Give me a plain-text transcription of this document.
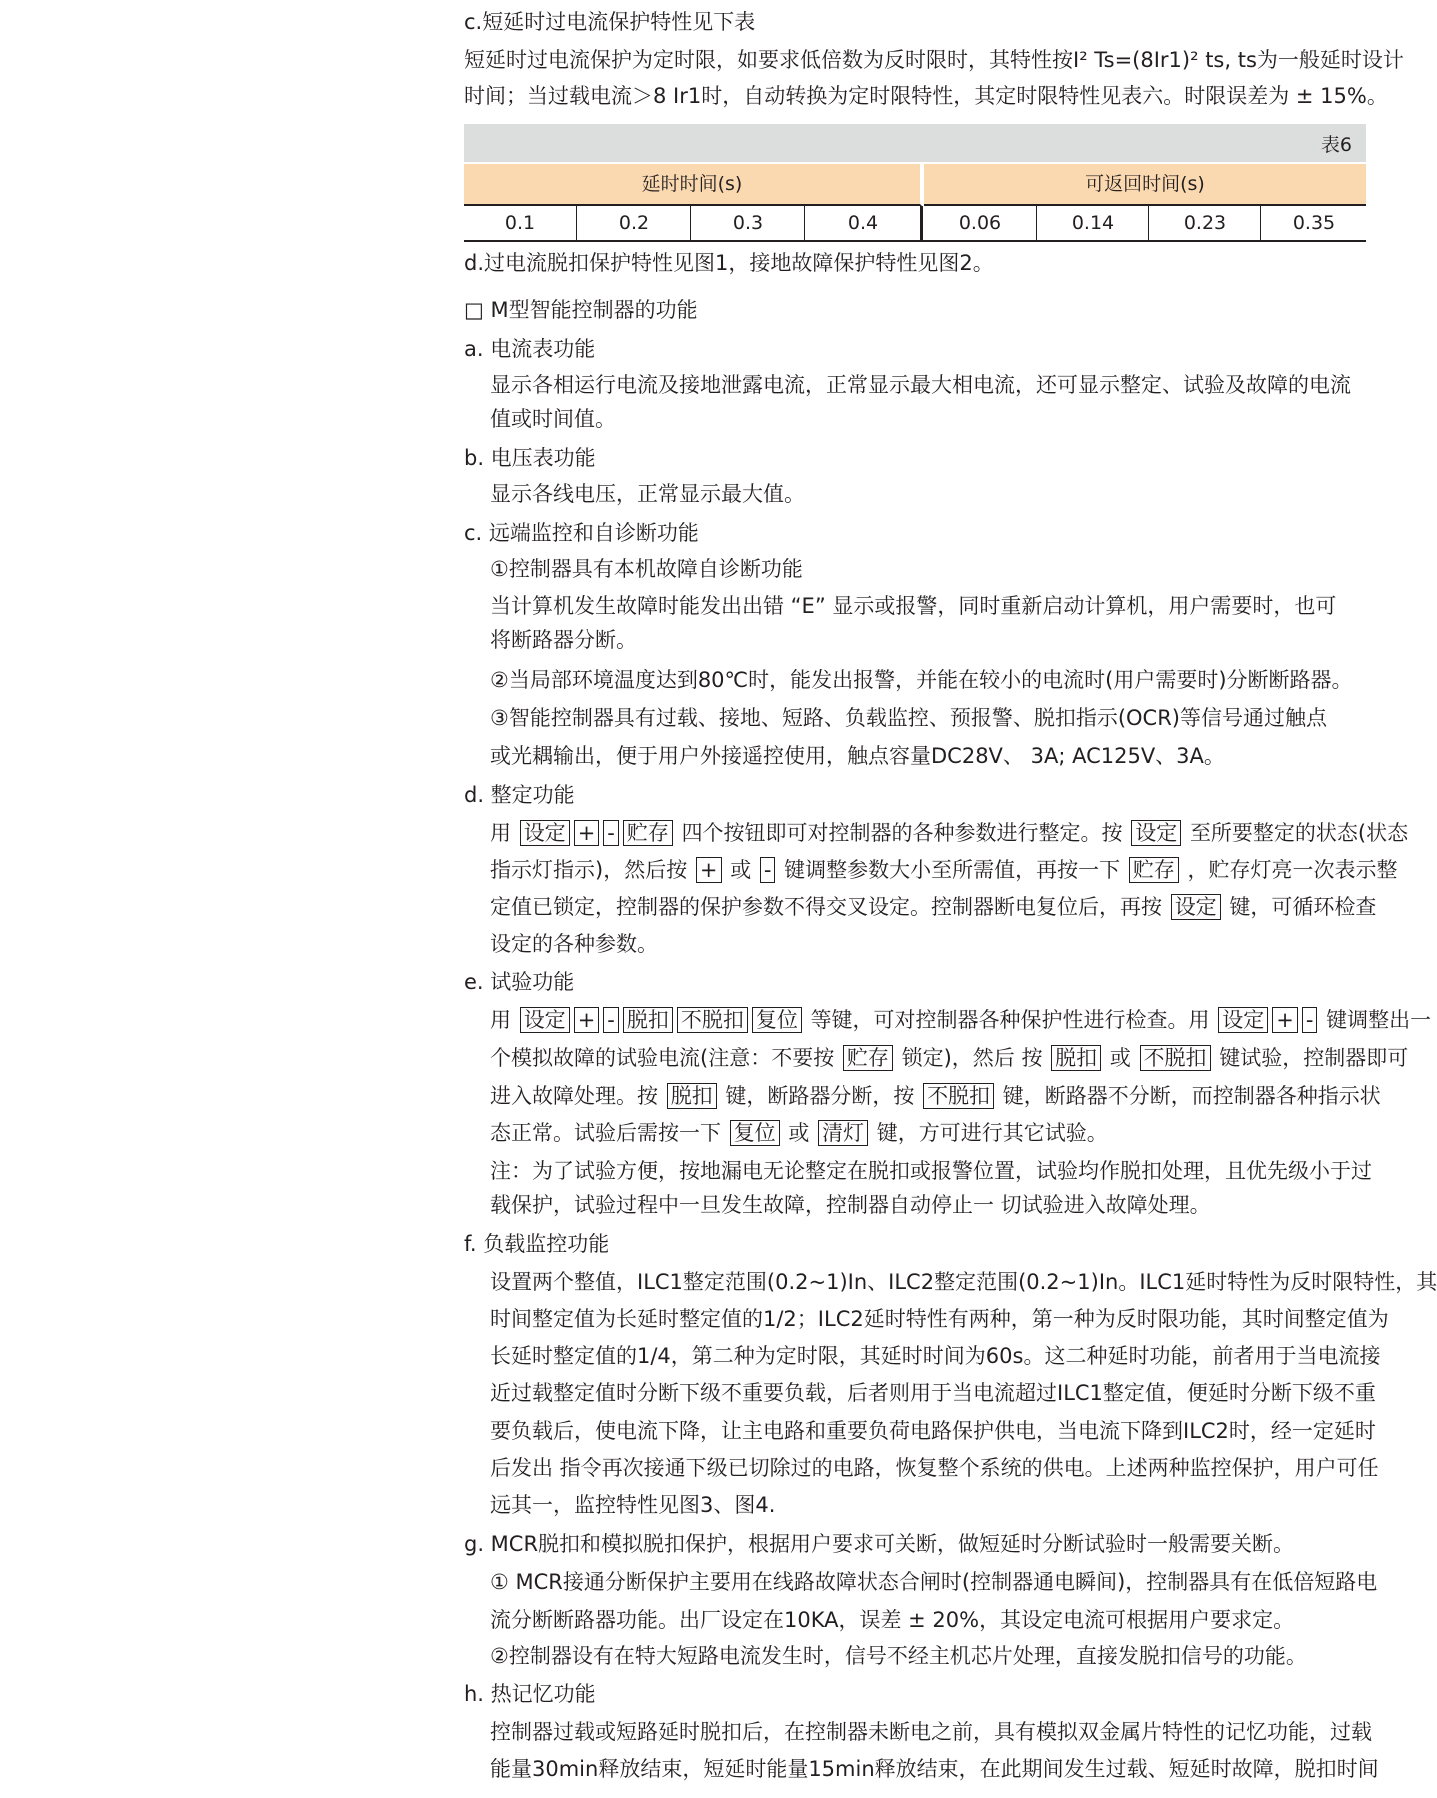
c.短延时过电流保护特性见下表

短延时过电流保护为定时限，如要求低倍数为反时限时，其特性按I² Ts=(8Ir1)² ts, ts为一般延时设计

时间；当过载电流＞8 Ir1时，自动转换为定时限特性，其定时限特性见表六。时限误差为 ± 15%。

表6
延时时间(s)	可返回时间(s)
0.1	0.2	0.3	0.4	0.06	0.14	0.23	0.35

d.过电流脱扣保护特性见图1，接地故障保护特性见图2。

□ M型智能控制器的功能

a. 电流表功能

显示各相运行电流及接地泄露电流，正常显示最大相电流，还可显示整定、试验及故障的电流

值或时间值。

b. 电压表功能

显示各线电压，正常显示最大值。

c. 远端监控和自诊断功能

①控制器具有本机故障自诊断功能

当计算机发生故障时能发出出错 “E” 显示或报警，同时重新启动计算机，用户需要时，也可

将断路器分断。

②当局部环境温度达到80℃时，能发出报警，并能在较小的电流时(用户需要时)分断断路器。

③智能控制器具有过载、接地、短路、负载监控、预报警、脱扣指示(OCR)等信号通过触点

或光耦输出，便于用户外接遥控使用，触点容量DC28V、 3A; AC125V、3A。

d. 整定功能

用 设定 + - 贮存 四个按钮即可对控制器的各种参数进行整定。按 设定 至所要整定的状态(状态

指示灯指示)，然后按 + 或 - 键调整参数大小至所需值，再按一下 贮存 ，贮存灯亮一次表示整

定值已锁定，控制器的保护参数不得交叉设定。控制器断电复位后，再按 设定 键，可循环检查

设定的各种参数。

e. 试验功能

用 设定 + - 脱扣 不脱扣 复位 等键，可对控制器各种保护性进行检查。用 设定 + - 键调整出一

个模拟故障的试验电流(注意：不要按 贮存 锁定)，然后 按 脱扣 或 不脱扣 键试验，控制器即可

进入故障处理。按 脱扣 键，断路器分断，按 不脱扣 键，断路器不分断，而控制器各种指示状

态正常。试验后需按一下 复位 或 清灯 键，方可进行其它试验。

注：为了试验方便，按地漏电无论整定在脱扣或报警位置，试验均作脱扣处理，且优先级小于过

载保护，试验过程中一旦发生故障，控制器自动停止一 切试验进入故障处理。

f. 负载监控功能

设置两个整值，ILC1整定范围(0.2~1)In、ILC2整定范围(0.2~1)In。ILC1延时特性为反时限特性，其

时间整定值为长延时整定值的1/2；ILC2延时特性有两种，第一种为反时限功能，其时间整定值为

长延时整定值的1/4，第二种为定时限，其延时时间为60s。这二种延时功能，前者用于当电流接

近过载整定值时分断下级不重要负载，后者则用于当电流超过ILC1整定值，便延时分断下级不重

要负载后，使电流下降，让主电路和重要负荷电路保护供电，当电流下降到ILC2时，经一定延时

后发出 指令再次接通下级已切除过的电路，恢复整个系统的供电。上述两种监控保护，用户可任

远其一，监控特性见图3、图4.

g. MCR脱扣和模拟脱扣保护，根据用户要求可关断，做短延时分断试验时一般需要关断。

① MCR接通分断保护主要用在线路故障状态合闸时(控制器通电瞬间)，控制器具有在低倍短路电

流分断断路器功能。出厂设定在10KA，误差 ± 20%，其设定电流可根据用户要求定。

②控制器设有在特大短路电流发生时，信号不经主机芯片处理，直接发脱扣信号的功能。

h. 热记忆功能

控制器过载或短路延时脱扣后，在控制器未断电之前，具有模拟双金属片特性的记忆功能，过载

能量30min释放结束，短延时能量15min释放结束，在此期间发生过载、短延时故障，脱扣时间
